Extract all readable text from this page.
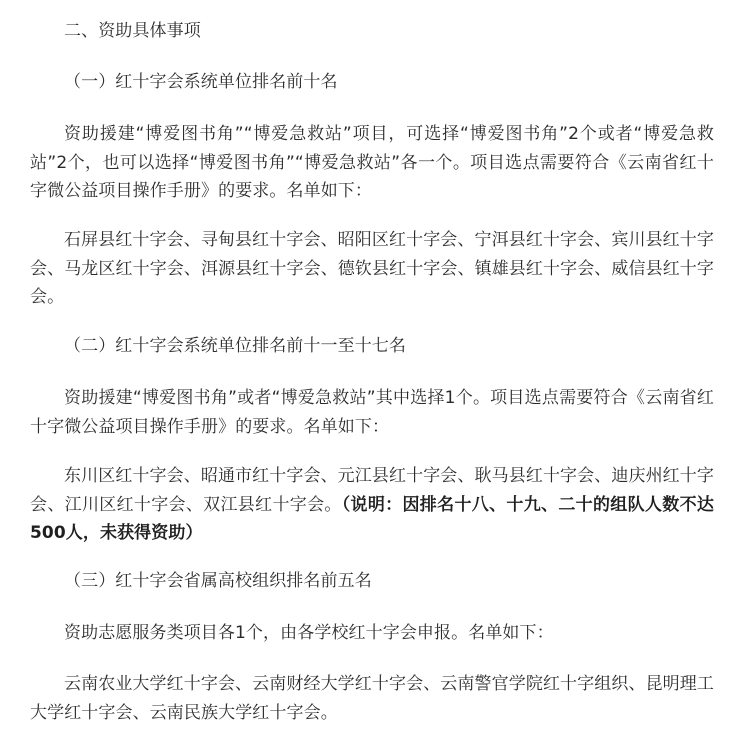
二、资助具体事项

（一）红十字会系统单位排名前十名

资助援建“博爱图书角”“博爱急救站”项目，可选择“博爱图书角”2个或者“博爱急救站”2个，也可以选择“博爱图书角”“博爱急救站”各一个。项目选点需要符合《云南省红十字微公益项目操作手册》的要求。名单如下：

石屏县红十字会、寻甸县红十字会、昭阳区红十字会、宁洱县红十字会、宾川县红十字会、马龙区红十字会、洱源县红十字会、德钦县红十字会、镇雄县红十字会、威信县红十字会。

（二）红十字会系统单位排名前十一至十七名

资助援建“博爱图书角”或者“博爱急救站”其中选择1个。项目选点需要符合《云南省红十字微公益项目操作手册》的要求。名单如下：

东川区红十字会、昭通市红十字会、元江县红十字会、耿马县红十字会、迪庆州红十字会、江川区红十字会、双江县红十字会。（说明：因排名十八、十九、二十的组队人数不达500人，未获得资助）

（三）红十字会省属高校组织排名前五名

资助志愿服务类项目各1个，由各学校红十字会申报。名单如下：

云南农业大学红十字会、云南财经大学红十字会、云南警官学院红十字组织、昆明理工大学红十字会、云南民族大学红十字会。
